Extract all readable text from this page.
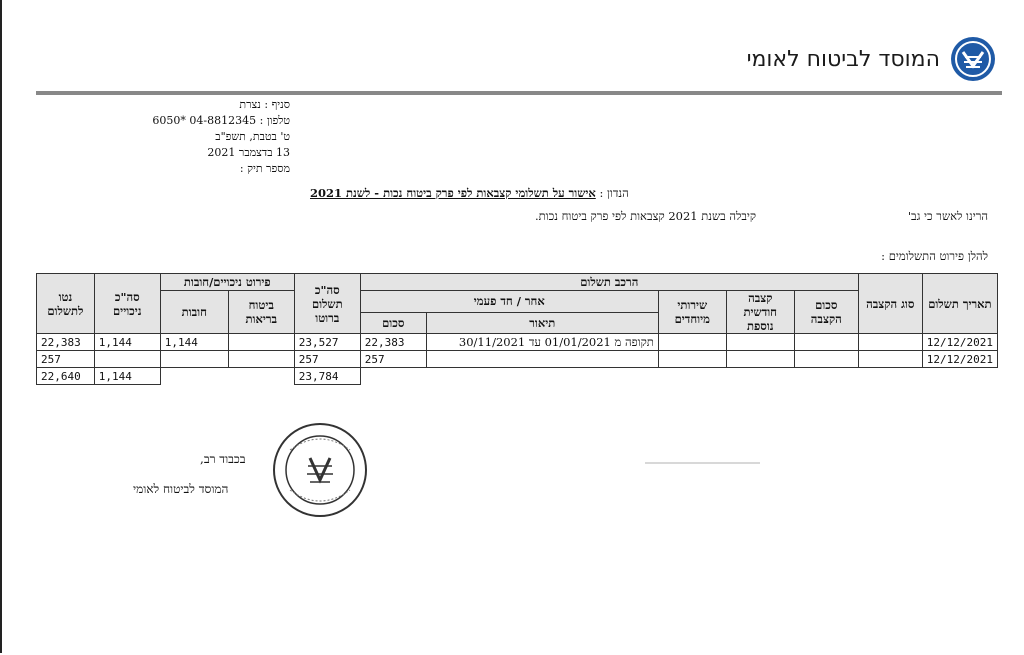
המוסד לביטוח לאומי
סניף : נצרת
טלפון : 04-8812345 *6050
ט' בטבת, תשפ"ב
13 בדצמבר 2021
מספר תיק :
הנדון : אישור על תשלומי קצבאות לפי פרק ביטוח נכות - לשנת 2021
הרינו לאשר כי גב'
קיבלה בשנת 2021 קצבאות לפי פרק ביטוח נכות.
להלן פירוט התשלומים :
תאריך תשלום	סוג הקצבה	הרכב תשלום					סה"כ תשלום ברוטו	פירוט ניכויים/חובות		סה"כ ניכויים	נטו לתשלום
		סכום הקצבה	קצבה חודשית נוספת	שירותי מיוחדים	אחר / חד פעמי			ביטוח בריאות	חובות		
					תיאור	סכום					
12/12/2021					תקופה מ 01/01/2021 עד 30/11/2021	22,383	23,527		1,144	1,144	22,383
12/12/2021						257	257				257
							23,784			1,144	22,640
בכבוד רב,
המוסד לביטוח לאומי
